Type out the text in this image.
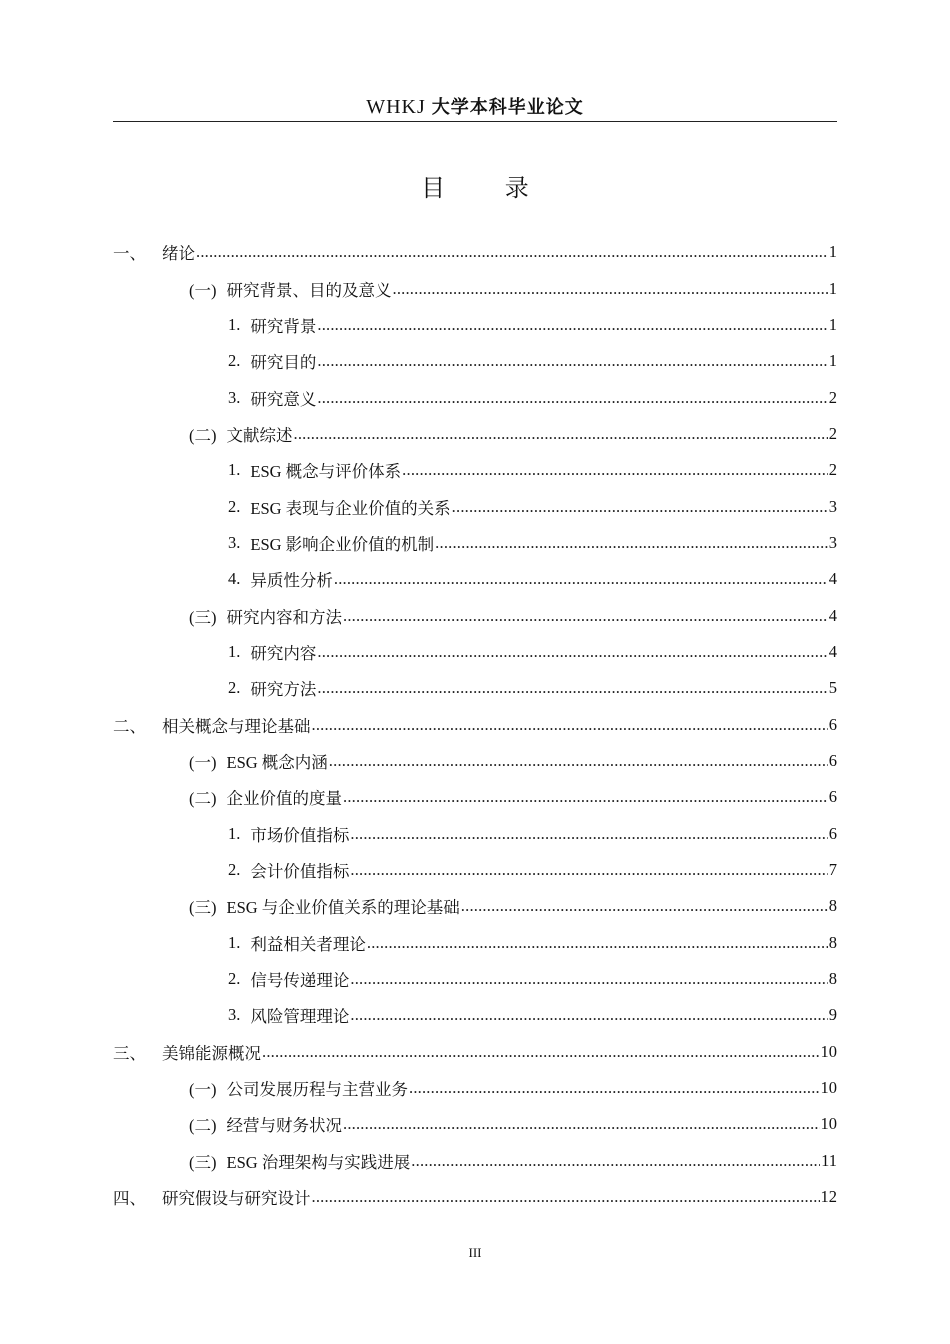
WHKJ 大学本科毕业论文
目 录
一、 绪论 .....	1
(一) 研究背景、目的及意义 .....	1
1. 研究背景 .....	1
2. 研究目的 .....	1
3. 研究意义 .....	2
(二) 文献综述 .....	2
1. ESG 概念与评价体系 .....	2
2. ESG 表现与企业价值的关系 .....	3
3. ESG 影响企业价值的机制 .....	3
4. 异质性分析 .....	4
(三) 研究内容和方法 .....	4
1. 研究内容 .....	4
2. 研究方法 .....	5
二、 相关概念与理论基础 .....	6
(一) ESG 概念内涵 .....	6
(二) 企业价值的度量 .....	6
1. 市场价值指标 .....	6
2. 会计价值指标 .....	7
(三) ESG 与企业价值关系的理论基础 .....	8
1. 利益相关者理论 .....	8
2. 信号传递理论 .....	8
3. 风险管理理论 .....	9
三、 美锦能源概况 .....	10
(一) 公司发展历程与主营业务 .....	10
(二) 经营与财务状况 .....	10
(三) ESG 治理架构与实践进展 .....	11
四、 研究假设与研究设计 .....	12
III
